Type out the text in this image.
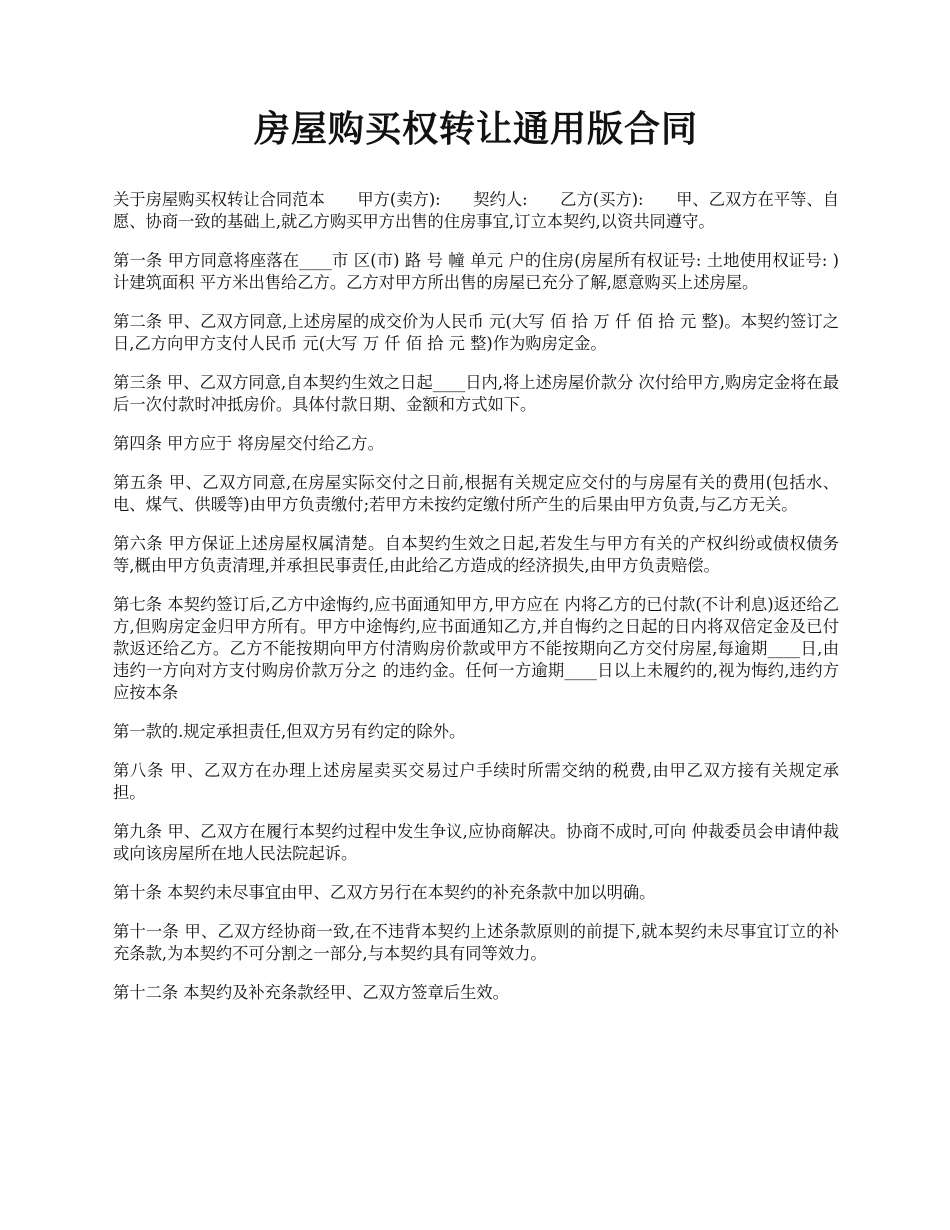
房屋购买权转让通用版合同

关于房屋购买权转让合同范本　　甲方(卖方):　　契约人:　　乙方(买方):　　甲、乙双方在平等、自愿、协商一致的基础上,就乙方购买甲方出售的住房事宜,订立本契约,以资共同遵守。

第一条 甲方同意将座落在____市 区(市) 路 号 幢 单元 户的住房(房屋所有权证号: 土地使用权证号: )计建筑面积 平方米出售给乙方。乙方对甲方所出售的房屋已充分了解,愿意购买上述房屋。

第二条 甲、乙双方同意,上述房屋的成交价为人民币 元(大写 佰 拾 万 仟 佰 拾 元 整)。本契约签订之日,乙方向甲方支付人民币 元(大写 万 仟 佰 拾 元 整)作为购房定金。

第三条 甲、乙双方同意,自本契约生效之日起____日内,将上述房屋价款分 次付给甲方,购房定金将在最后一次付款时冲抵房价。具体付款日期、金额和方式如下。

第四条 甲方应于 将房屋交付给乙方。

第五条 甲、乙双方同意,在房屋实际交付之日前,根据有关规定应交付的与房屋有关的费用(包括水、电、煤气、供暖等)由甲方负责缴付;若甲方未按约定缴付所产生的后果由甲方负责,与乙方无关。

第六条 甲方保证上述房屋权属清楚。自本契约生效之日起,若发生与甲方有关的产权纠纷或债权债务等,概由甲方负责清理,并承担民事责任,由此给乙方造成的经济损失,由甲方负责赔偿。

第七条 本契约签订后,乙方中途悔约,应书面通知甲方,甲方应在 内将乙方的已付款(不计利息)返还给乙方,但购房定金归甲方所有。甲方中途悔约,应书面通知乙方,并自悔约之日起的日内将双倍定金及已付款返还给乙方。乙方不能按期向甲方付清购房价款或甲方不能按期向乙方交付房屋,每逾期____日,由违约一方向对方支付购房价款万分之 的违约金。任何一方逾期____日以上未履约的,视为悔约,违约方应按本条

第一款的.规定承担责任,但双方另有约定的除外。

第八条 甲、乙双方在办理上述房屋卖买交易过户手续时所需交纳的税费,由甲乙双方接有关规定承担。

第九条 甲、乙双方在履行本契约过程中发生争议,应协商解决。协商不成时,可向 仲裁委员会申请仲裁或向该房屋所在地人民法院起诉。

第十条 本契约未尽事宜由甲、乙双方另行在本契约的补充条款中加以明确。

第十一条 甲、乙双方经协商一致,在不违背本契约上述条款原则的前提下,就本契约未尽事宜订立的补充条款,为本契约不可分割之一部分,与本契约具有同等效力。

第十二条 本契约及补充条款经甲、乙双方签章后生效。
